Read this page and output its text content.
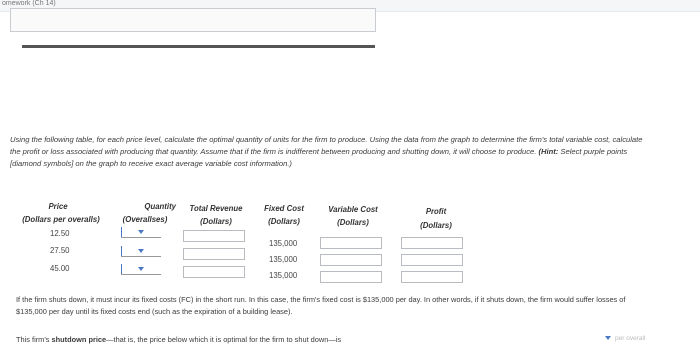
omework (Ch 14)
Using the following table, for each price level, calculate the optimal quantity of units for the firm to produce. Using the data from the graph to determine the firm's total variable cost, calculate the profit or loss associated with producing that quantity. Assume that if the firm is indifferent between producing and shutting down, it will choose to produce. (Hint: Select purple points [diamond symbols] on the graph to receive exact average variable cost information.)
Price
(Dollars per overalls)
Quantity
(Overallses)
Total Revenue
(Dollars)
Fixed Cost
(Dollars)
Variable Cost
(Dollars)
Profit
(Dollars)
12.50
135,000
27.50
135,000
45.00
135,000
If the firm shuts down, it must incur its fixed costs (FC) in the short run. In this case, the firm's fixed cost is $135,000 per day. In other words, if it shuts down, the firm would suffer losses of $135,000 per day until its fixed costs end (such as the expiration of a building lease).
This firm's shutdown price—that is, the price below which it is optimal for the firm to shut down—is	per overall
